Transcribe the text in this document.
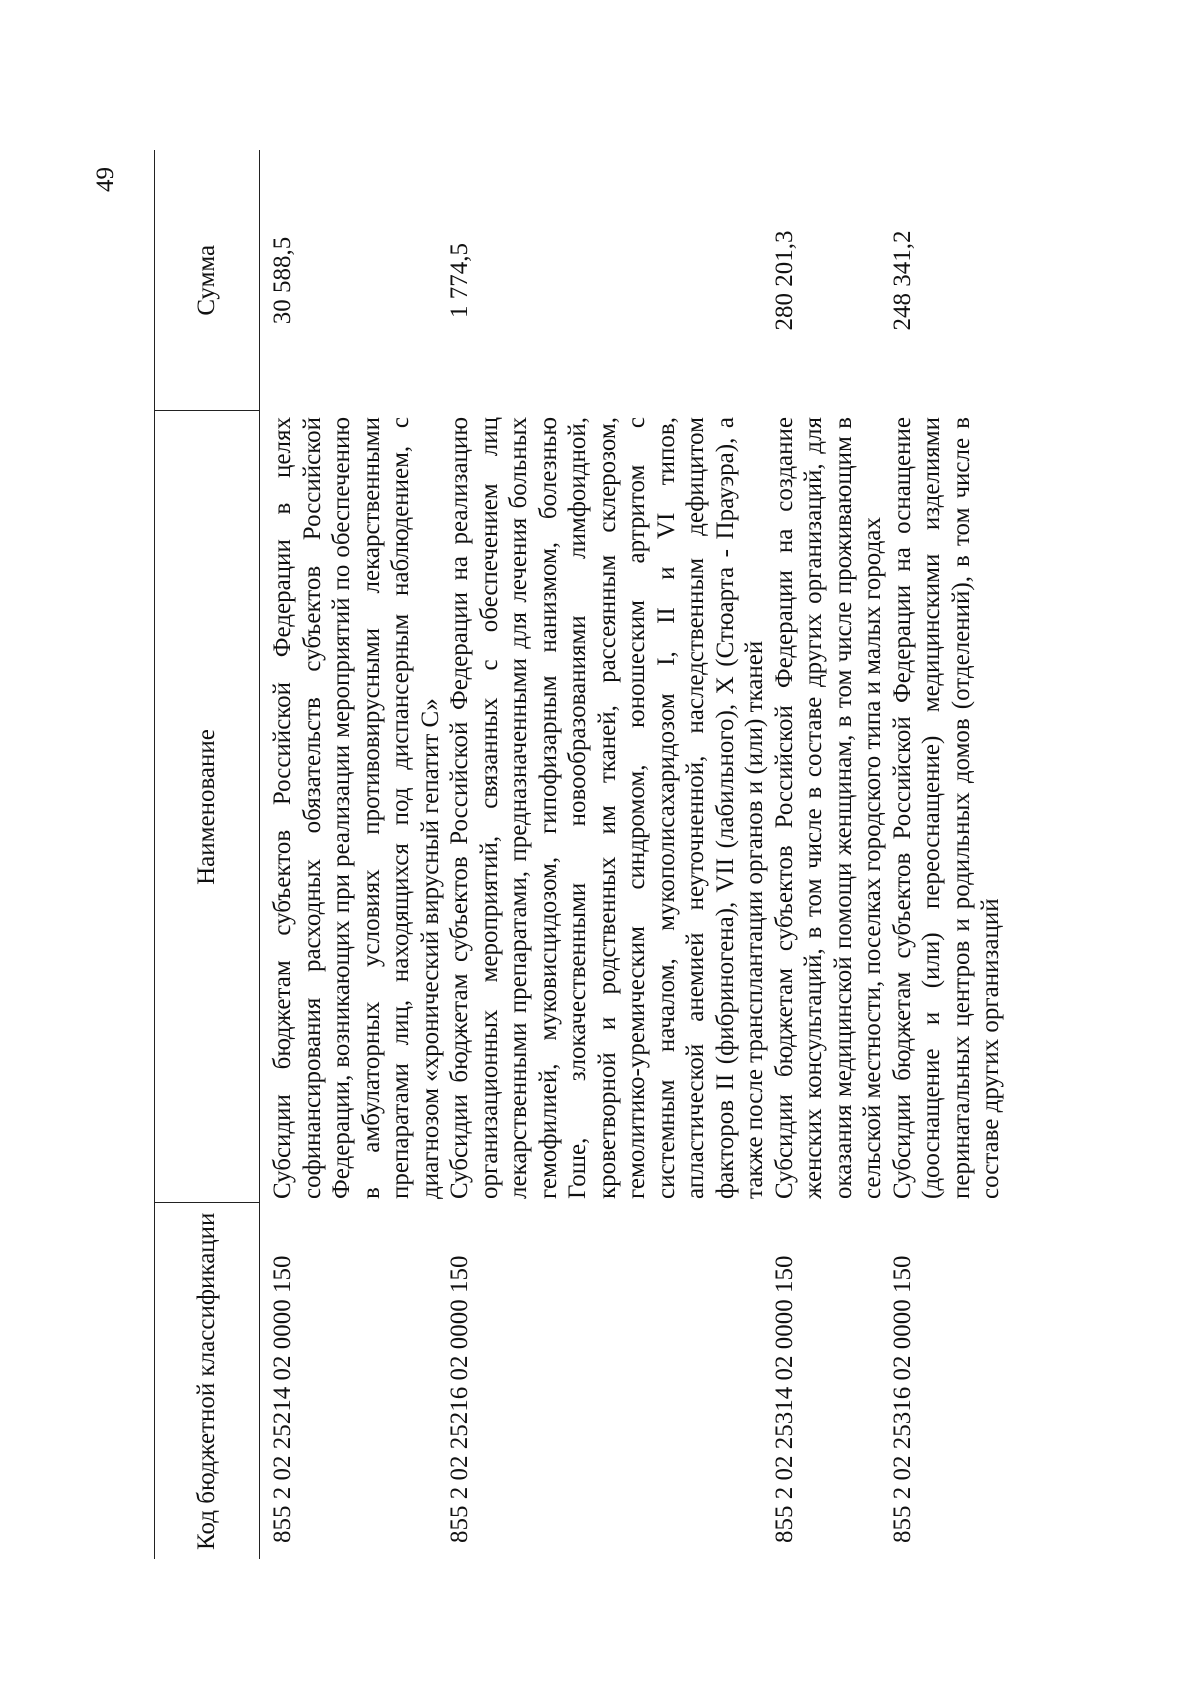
49
Код бюджетной классификации	Наименование	Сумма
855 2 02 25214 02 0000 150	Субсидии бюджетам субъектов Российской Федерации в целях софинансирования расходных обязательств субъектов Российской Федерации, возникающих при реализации мероприятий по обеспечению в амбулаторных условиях противовирусными лекарственными препаратами лиц, находящихся под диспансерным наблюдением, с диагнозом «хронический вирусный гепатит С»	30 588,5
855 2 02 25216 02 0000 150	Субсидии бюджетам субъектов Российской Федерации на реализацию организационных мероприятий, связанных с обеспечением лиц лекарственными препаратами, предназначенными для лечения больных гемофилией, муковисцидозом, гипофизарным нанизмом, болезнью Гоше, злокачественными новообразованиями лимфоидной, кроветворной и родственных им тканей, рассеянным склерозом, гемолитико-уремическим синдромом, юношеским артритом с системным началом, мукополисахаридозом I, II и VI типов, апластической анемией неуточненной, наследственным дефицитом факторов II (фибриногена), VII (лабильного), X (Стюарта - Прауэра), а также после трансплантации органов и (или) тканей	1 774,5
855 2 02 25314 02 0000 150	Субсидии бюджетам субъектов Российской Федерации на создание женских консультаций, в том числе в составе других организаций, для оказания медицинской помощи женщинам, в том числе проживающим в сельской местности, поселках городского типа и малых городах	280 201,3
855 2 02 25316 02 0000 150	Субсидии бюджетам субъектов Российской Федерации на оснащение (дооснащение и (или) переоснащение) медицинскими изделиями перинатальных центров и родильных домов (отделений), в том числе в составе других организаций	248 341,2
